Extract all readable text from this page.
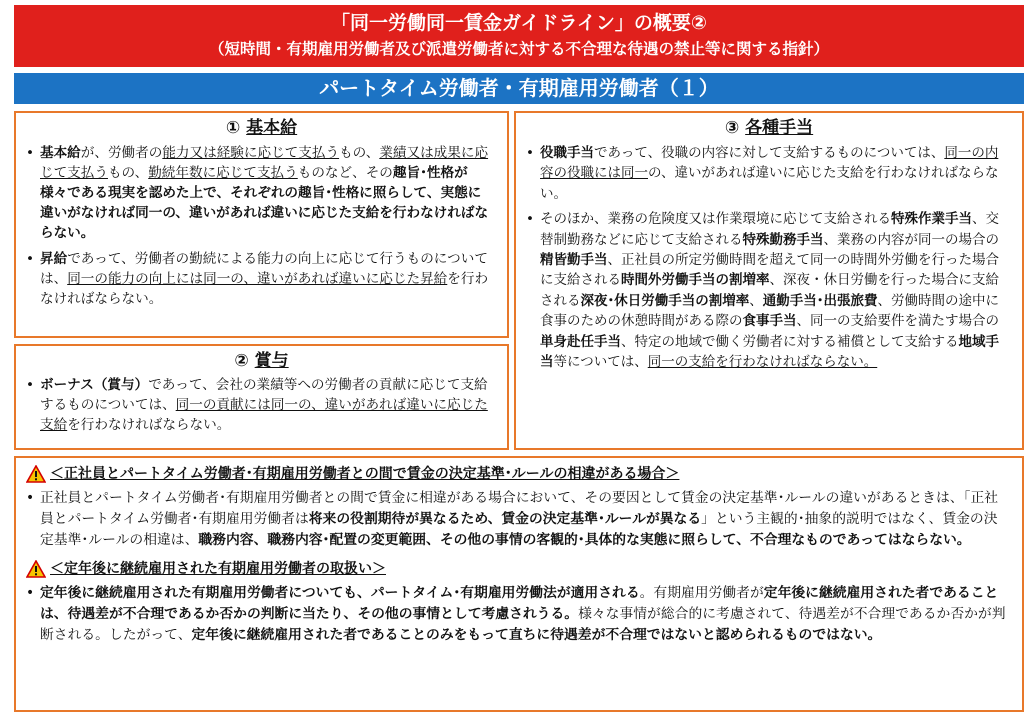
「同一労働同一賃金ガイドライン」の概要②
（短時間・有期雇用労働者及び派遣労働者に対する不合理な待遇の禁止等に関する指針）
パートタイム労働者・有期雇用労働者（１）
① 基本給
• 基本給が、労働者の能力又は経験に応じて支払うもの、業績又は成果に応じて支払うもの、勤続年数に応じて支払うものなど、その趣旨･性格が様々である現実を認めた上で、それぞれの趣旨･性格に照らして、実態に違いがなければ同一の、違いがあれば違いに応じた支給を行わなければならない。
• 昇給であって、労働者の勤続による能力の向上に応じて行うものについては、同一の能力の向上には同一の、違いがあれば違いに応じた昇給を行わなければならない。
② 賞与
• ボーナス（賞与）であって、会社の業績等への労働者の貢献に応じて支給するものについては、同一の貢献には同一の、違いがあれば違いに応じた支給を行わなければならない。
③ 各種手当
• 役職手当であって、役職の内容に対して支給するものについては、同一の内容の役職には同一の、違いがあれば違いに応じた支給を行わなければならない。
• そのほか、業務の危険度又は作業環境に応じて支給される特殊作業手当、交替制勤務などに応じて支給される特殊勤務手当、業務の内容が同一の場合の精皆勤手当、正社員の所定労働時間を超えて同一の時間外労働を行った場合に支給される時間外労働手当の割増率、深夜・休日労働を行った場合に支給される深夜･休日労働手当の割増率、通勤手当･出張旅費、労働時間の途中に食事のための休憩時間がある際の食事手当、同一の支給要件を満たす場合の単身赴任手当、特定の地域で働く労働者に対する補償として支給する地域手当等については、同一の支給を行わなければならない。
＜正社員とパートタイム労働者･有期雇用労働者との間で賃金の決定基準･ルールの相違がある場合＞
• 正社員とパートタイム労働者･有期雇用労働者との間で賃金に相違がある場合において、その要因として賃金の決定基準･ルールの違いがあるときは、「正社員とパートタイム労働者･有期雇用労働者は将来の役割期待が異なるため、賃金の決定基準･ルールが異なる」という主観的･抽象的説明ではなく、賃金の決定基準･ルールの相違は、職務内容、職務内容･配置の変更範囲、その他の事情の客観的･具体的な実態に照らして、不合理なものであってはならない。
＜定年後に継続雇用された有期雇用労働者の取扱い＞
• 定年後に継続雇用された有期雇用労働者についても、パートタイム･有期雇用労働法が適用される。有期雇用労働者が定年後に継続雇用された者であることは、待遇差が不合理であるか否かの判断に当たり、その他の事情として考慮されうる。様々な事情が総合的に考慮されて、待遇差が不合理であるか否かが判断される。したがって、定年後に継続雇用された者であることのみをもって直ちに待遇差が不合理ではないと認められるものではない。
